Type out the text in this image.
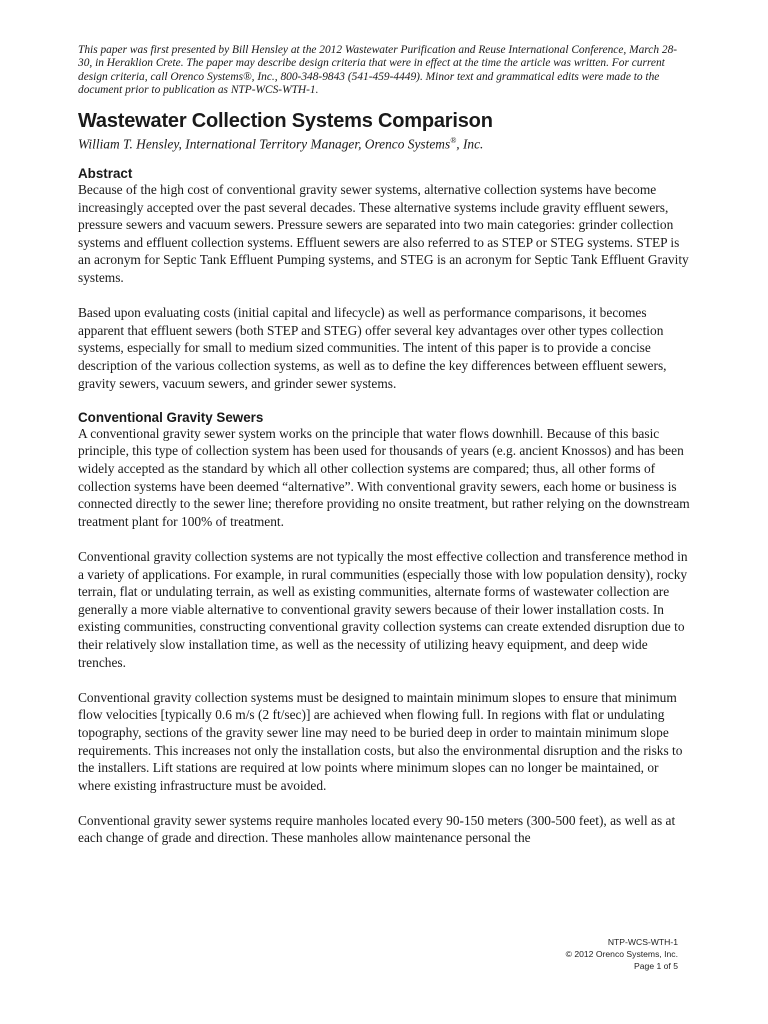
This paper was first presented by Bill Hensley at the 2012 Wastewater Purification and Reuse International Conference, March 28-30, in Heraklion Crete. The paper may describe design criteria that were in effect at the time the article was written. For current design criteria, call Orenco Systems®, Inc., 800-348-9843 (541-459-4449). Minor text and grammatical edits were made to the document prior to publication as NTP-WCS-WTH-1.

Wastewater Collection Systems Comparison

William T. Hensley, International Territory Manager, Orenco Systems®, Inc.

Abstract

Because of the high cost of conventional gravity sewer systems, alternative collection systems have become increasingly accepted over the past several decades. These alternative systems include gravity effluent sewers, pressure sewers and vacuum sewers. Pressure sewers are separated into two main categories: grinder collection systems and effluent collection systems. Effluent sewers are also referred to as STEP or STEG systems. STEP is an acronym for Septic Tank Effluent Pumping systems, and STEG is an acronym for Septic Tank Effluent Gravity systems.

Based upon evaluating costs (initial capital and lifecycle) as well as performance comparisons, it becomes apparent that effluent sewers (both STEP and STEG) offer several key advantages over other types collection systems, especially for small to medium sized communities. The intent of this paper is to provide a concise description of the various collection systems, as well as to define the key differences between effluent sewers, gravity sewers, vacuum sewers, and grinder sewer systems.

Conventional Gravity Sewers

A conventional gravity sewer system works on the principle that water flows downhill. Because of this basic principle, this type of collection system has been used for thousands of years (e.g. ancient Knossos) and has been widely accepted as the standard by which all other collection systems are compared; thus, all other forms of collection systems have been deemed “alternative”. With conventional gravity sewers, each home or business is connected directly to the sewer line; therefore providing no onsite treatment, but rather relying on the downstream treatment plant for 100% of treatment.

Conventional gravity collection systems are not typically the most effective collection and transference method in a variety of applications. For example, in rural communities (especially those with low population density), rocky terrain, flat or undulating terrain, as well as existing communities, alternate forms of wastewater collection are generally a more viable alternative to conventional gravity sewers because of their lower installation costs. In existing communities, constructing conventional gravity collection systems can create extended disruption due to their relatively slow installation time, as well as the necessity of utilizing heavy equipment, and deep wide trenches.

Conventional gravity collection systems must be designed to maintain minimum slopes to ensure that minimum flow velocities [typically 0.6 m/s (2 ft/sec)] are achieved when flowing full. In regions with flat or undulating topography, sections of the gravity sewer line may need to be buried deep in order to maintain minimum slope requirements. This increases not only the installation costs, but also the environmental disruption and the risks to the installers. Lift stations are required at low points where minimum slopes can no longer be maintained, or where existing infrastructure must be avoided.

Conventional gravity sewer systems require manholes located every 90-150 meters (300-500 feet), as well as at each change of grade and direction. These manholes allow maintenance personal the

NTP-WCS-WTH-1
© 2012 Orenco Systems, Inc.
Page 1 of 5
